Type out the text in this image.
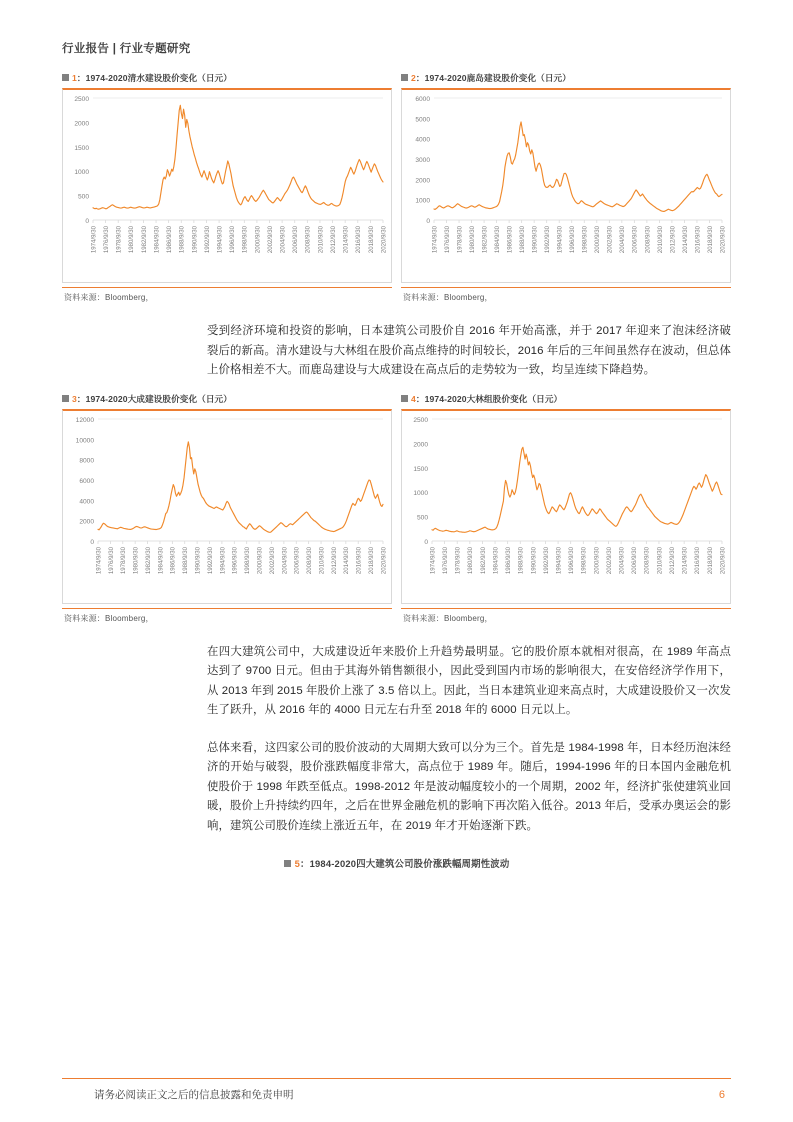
行业报告 | 行业专题研究
1：1974-2020清水建设股价变化（日元）
0
500
1000
1500
2000
2500
1974/9/30 1976/9/30 1978/9/30 1980/9/30 1982/9/30 1984/9/30 1986/9/30 1988/9/30 1990/9/30 1992/9/30 1994/9/30 1996/9/30 1998/9/30 2000/9/30 2002/9/30 2004/9/30 2006/9/30 2008/9/30 2010/9/30 2012/9/30 2014/9/30 2016/9/30 2018/9/30 2020/9/30
资料来源：Bloomberg，
2：1974-2020鹿岛建设股价变化（日元）
0
1000
2000
3000
4000
5000
6000
1974/9/30 1976/9/30 1978/9/30 1980/9/30 1982/9/30 1984/9/30 1986/9/30 1988/9/30 1990/9/30 1992/9/30 1994/9/30 1996/9/30 1998/9/30 2000/9/30 2002/9/30 2004/9/30 2006/9/30 2008/9/30 2010/9/30 2012/9/30 2014/9/30 2016/9/30 2018/9/30 2020/9/30
资料来源：Bloomberg，

受到经济环境和投资的影响，日本建筑公司股价自 2016 年开始高涨，并于 2017 年迎来了泡沫经济破裂后的新高。清水建设与大林组在股价高点维持的时间较长，2016 年后的三年间虽然存在波动，但总体上价格相差不大。而鹿岛建设与大成建设在高点后的走势较为一致，均呈连续下降趋势。

3：1974-2020大成建设股价变化（日元）
0
2000
4000
6000
8000
10000
12000
1974/9/30 1976/9/30 1978/9/30 1980/9/30 1982/9/30 1984/9/30 1986/9/30 1988/9/30 1990/9/30 1992/9/30 1994/9/30 1996/9/30 1998/9/30 2000/9/30 2002/9/30 2004/9/30 2006/9/30 2008/9/30 2010/9/30 2012/9/30 2014/9/30 2016/9/30 2018/9/30 2020/9/30
资料来源：Bloomberg，
4：1974-2020大林组股价变化（日元）
0
500
1000
1500
2000
2500
1974/9/30 1976/9/30 1978/9/30 1980/9/30 1982/9/30 1984/9/30 1986/9/30 1988/9/30 1990/9/30 1992/9/30 1994/9/30 1996/9/30 1998/9/30 2000/9/30 2002/9/30 2004/9/30 2006/9/30 2008/9/30 2010/9/30 2012/9/30 2014/9/30 2016/9/30 2018/9/30 2020/9/30
资料来源：Bloomberg，

在四大建筑公司中，大成建设近年来股价上升趋势最明显。它的股价原本就相对很高，在 1989 年高点达到了 9700 日元。但由于其海外销售额很小，因此受到国内市场的影响很大，在安倍经济学作用下，从 2013 年到 2015 年股价上涨了 3.5 倍以上。因此，当日本建筑业迎来高点时，大成建设股价又一次发生了跃升，从 2016 年的 4000 日元左右升至 2018 年的 6000 日元以上。

总体来看，这四家公司的股价波动的大周期大致可以分为三个。首先是 1984-1998 年，日本经历泡沫经济的开始与破裂，股价涨跌幅度非常大，高点位于 1989 年。随后，1994-1996 年的日本国内金融危机使股价于 1998 年跌至低点。1998-2012 年是波动幅度较小的一个周期，2002 年，经济扩张使建筑业回暖，股价上升持续约四年，之后在世界金融危机的影响下再次陷入低谷。2013 年后，受承办奥运会的影响，建筑公司股价连续上涨近五年，在 2019 年才开始逐渐下跌。

5：1984-2020四大建筑公司股价涨跌幅周期性波动
请务必阅读正文之后的信息披露和免责申明	6
